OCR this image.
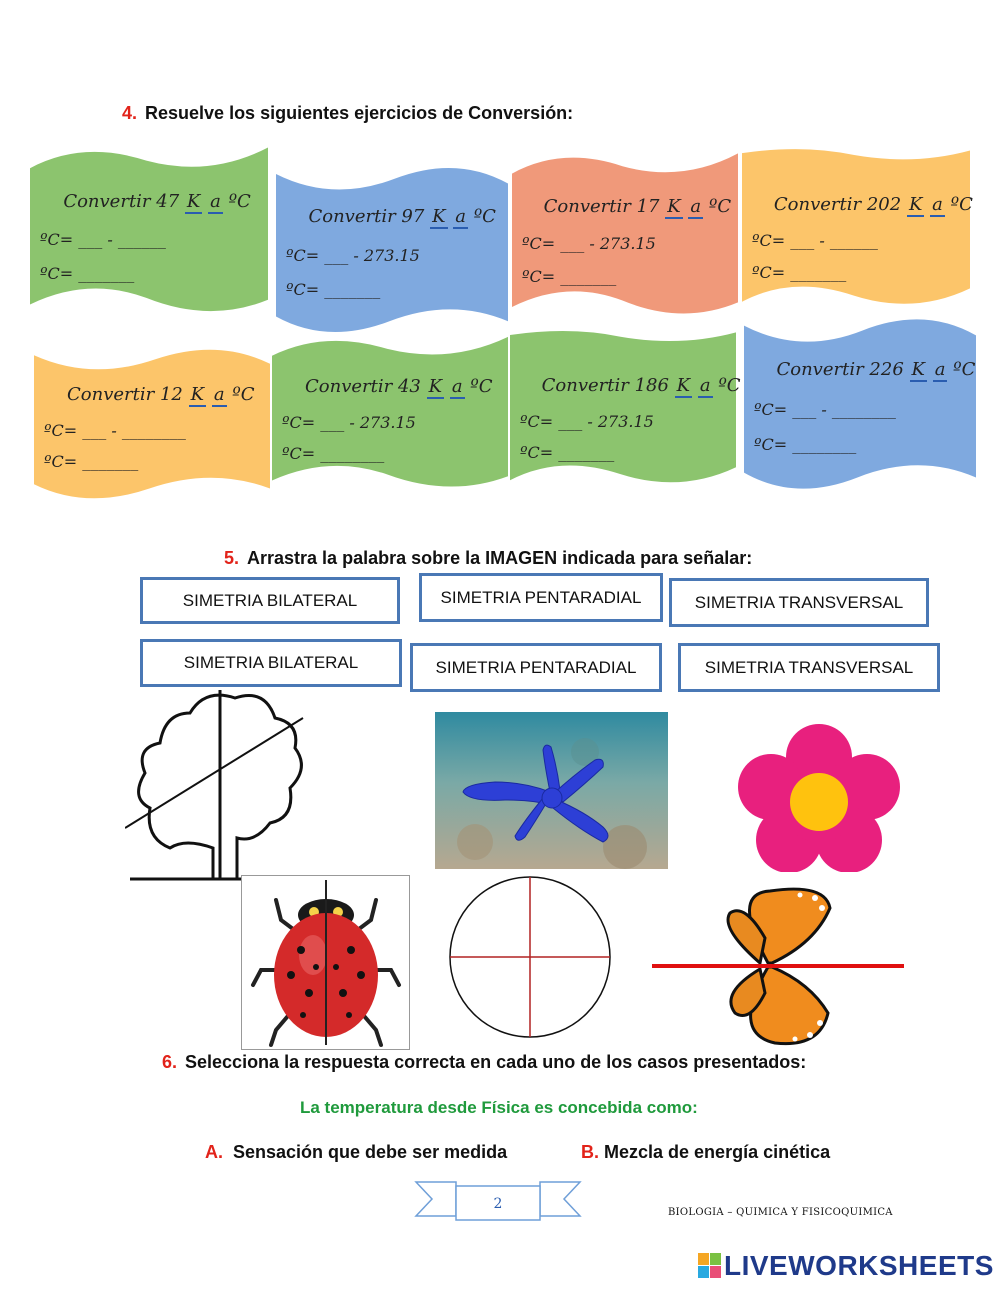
4. Resuelve los siguientes ejercicios de Conversión:
Convertir 47 K a ºC
ºC= ___ - ______
ºC= _______
Convertir 97 K a ºC
ºC= ___ - 273.15
ºC= _______
Convertir 17 K a ºC
ºC= ___ - 273.15
ºC= _______
Convertir 202 K a ºC
ºC= ___ - ______
ºC= _______
Convertir 12 K a ºC
ºC= ___ - ________
ºC= _______
Convertir 43 K a ºC
ºC= ___ - 273.15
ºC= ________
Convertir 186 K a ºC
ºC= ___ - 273.15
ºC= _______
Convertir 226 K a ºC
ºC= ___ - ________
ºC= ________
5. Arrastra la palabra sobre la IMAGEN indicada para señalar:
SIMETRIA BILATERAL	SIMETRIA PENTARADIAL	SIMETRIA TRANSVERSAL
SIMETRIA BILATERAL	SIMETRIA PENTARADIAL	SIMETRIA TRANSVERSAL
6. Selecciona la respuesta correcta en cada uno de los casos presentados:
La temperatura desde Física es concebida como:
A. Sensación que debe ser medida	B. Mezcla de energía cinética
2
BIOLOGIA – QUIMICA Y FISICOQUIMICA
LIVEWORKSHEETS
